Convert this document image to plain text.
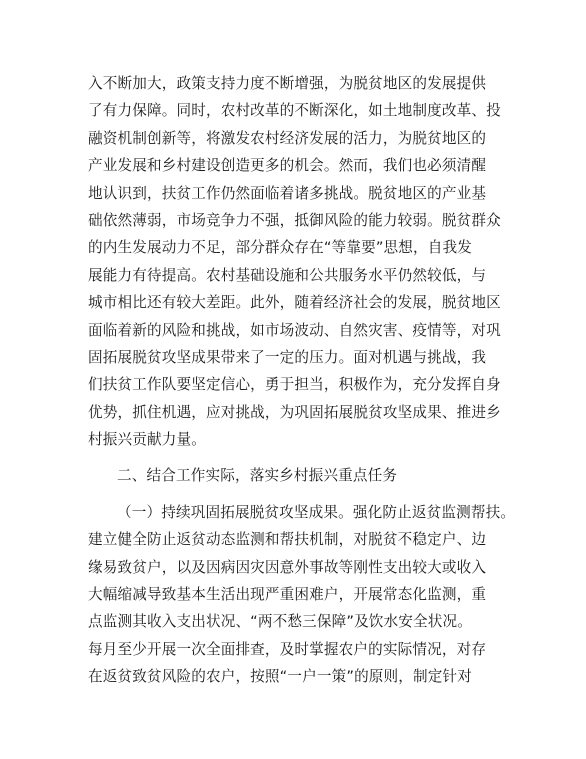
入不断加大，政策支持力度不断增强，为脱贫地区的发展提供
了有力保障。同时，农村改革的不断深化，如土地制度改革、投
融资机制创新等，将激发农村经济发展的活力，为脱贫地区的
产业发展和乡村建设创造更多的机会。然而，我们也必须清醒
地认识到，扶贫工作仍然面临着诸多挑战。脱贫地区的产业基
础依然薄弱，市场竞争力不强，抵御风险的能力较弱。脱贫群众
的内生发展动力不足，部分群众存在“等靠要”思想，自我发
展能力有待提高。农村基础设施和公共服务水平仍然较低，与
城市相比还有较大差距。此外，随着经济社会的发展，脱贫地区
面临着新的风险和挑战，如市场波动、自然灾害、疫情等，对巩
固拓展脱贫攻坚成果带来了一定的压力。面对机遇与挑战，我
们扶贫工作队要坚定信心，勇于担当，积极作为，充分发挥自身
优势，抓住机遇，应对挑战，为巩固拓展脱贫攻坚成果、推进乡
村振兴贡献力量。
二、结合工作实际，落实乡村振兴重点任务
（一）持续巩固拓展脱贫攻坚成果。强化防止返贫监测帮扶。
建立健全防止返贫动态监测和帮扶机制，对脱贫不稳定户、边
缘易致贫户，以及因病因灾因意外事故等刚性支出较大或收入
大幅缩减导致基本生活出现严重困难户，开展常态化监测，重
点监测其收入支出状况、“两不愁三保障”及饮水安全状况。
每月至少开展一次全面排查，及时掌握农户的实际情况，对存
在返贫致贫风险的农户，按照“一户一策”的原则，制定针对
